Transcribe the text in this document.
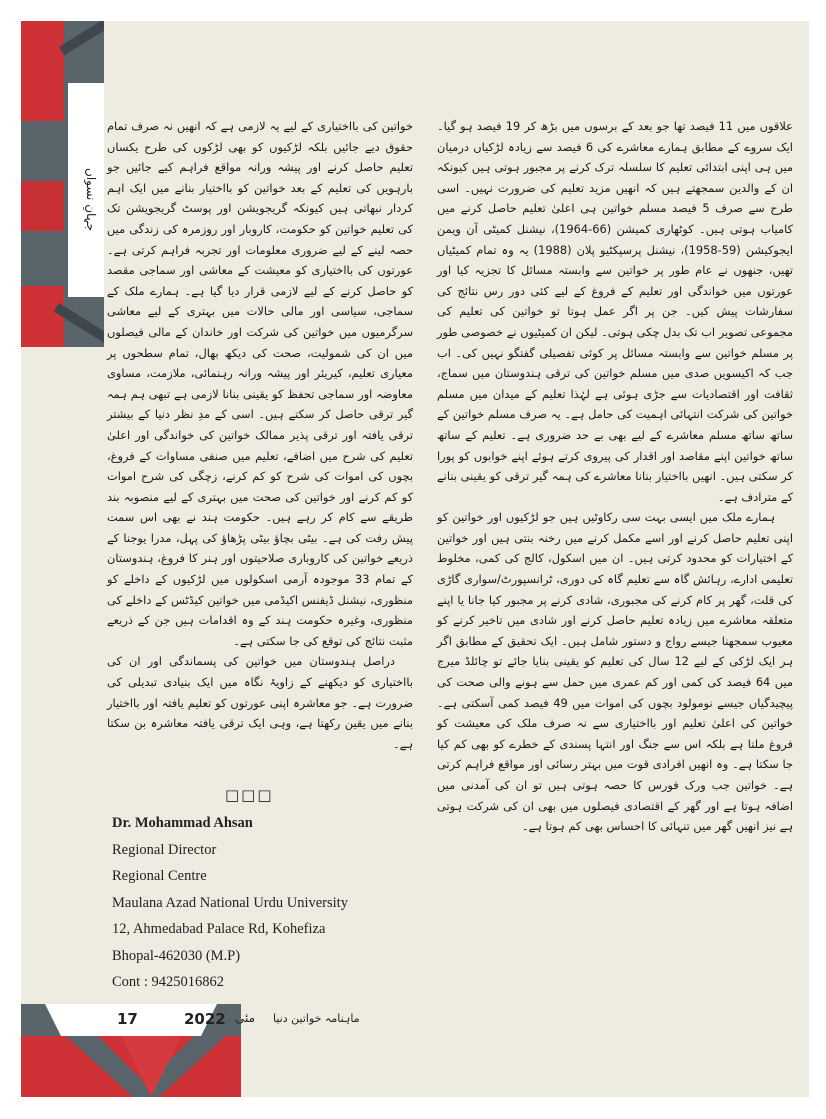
جہانِ نسواں

خواتین کی بااختیاری کے لیے یہ لازمی ہے کہ انھیں نہ صرف تمام حقوق دیے جائیں بلکہ لڑکیوں کو بھی لڑکوں کی طرح یکساں تعلیم حاصل کرنے اور پیشہ ورانہ مواقع فراہم کیے جائیں جو بارہویں کی تعلیم کے بعد خواتین کو بااختیار بنانے میں ایک اہم کردار نبھاتی ہیں کیونکہ گریجویشن اور پوسٹ گریجویشن تک کی تعلیم خواتین کو حکومت، کاروبار اور روزمرہ کی زندگی میں حصہ لینے کے لیے ضروری معلومات اور تجربہ فراہم کرتی ہے۔ عورتوں کی بااختیاری کو معیشت کے معاشی اور سماجی مقصد کو حاصل کرنے کے لیے لازمی قرار دیا گیا ہے۔ ہمارے ملک کے سماجی، سیاسی اور مالی حالات میں بہتری کے لیے معاشی سرگرمیوں میں خواتین کی شرکت اور خاندان کے مالی فیصلوں میں ان کی شمولیت، صحت کی دیکھ بھال، تمام سطحوں پر معیاری تعلیم، کیریئر اور پیشہ ورانہ رہنمائی، ملازمت، مساوی معاوضہ اور سماجی تحفظ کو یقینی بنانا لازمی ہے تبھی ہم ہمہ گیر ترقی حاصل کر سکتے ہیں۔ اسی کے مدِ نظر دنیا کے بیشتر ترقی یافتہ اور ترقی پذیر ممالک خواتین کی خواندگی اور اعلیٰ تعلیم کی شرح میں اضافے، تعلیم میں صنفی مساوات کے فروغ، بچوں کی اموات کی شرح کو کم کرنے، زچگی کی شرح اموات کو کم کرنے اور خواتین کی صحت میں بہتری کے لیے منصوبہ بند طریقے سے کام کر رہے ہیں۔ حکومت ہند نے بھی اس سمت پیش رفت کی ہے۔ بیٹی بچاؤ بیٹی پڑھاؤ کی پہل، مدرا یوجنا کے ذریعے خواتین کی کاروباری صلاحیتوں اور ہنر کا فروغ، ہندوستان کے تمام 33 موجودہ آرمی اسکولوں میں لڑکیوں کے داخلے کو منظوری، نیشنل ڈیفنس اکیڈمی میں خواتین کیڈٹس کے داخلے کی منظوری، وغیرہ حکومت ہند کے وہ اقدامات ہیں جن کے ذریعے مثبت نتائج کی توقع کی جا سکتی ہے۔

دراصل ہندوستان میں خواتین کی پسماندگی اور ان کی بااختیاری کو دیکھنے کے زاویۂ نگاہ میں ایک بنیادی تبدیلی کی ضرورت ہے۔ جو معاشرہ اپنی عورتوں کو تعلیم یافتہ اور بااختیار بنانے میں یقین رکھتا ہے، وہی ایک ترقی یافتہ معاشرہ بن سکتا ہے۔

□□□
Dr. Mohammad Ahsan
Regional Director
Regional Centre
Maulana Azad National Urdu University
12, Ahmedabad Palace Rd, Kohefiza
Bhopal-462030 (M.P)
Cont : 9425016862

علاقوں میں 11 فیصد تھا جو بعد کے برسوں میں بڑھ کر 19 فیصد ہو گیا۔ ایک سروے کے مطابق ہمارے معاشرے کی 6 فیصد سے زیادہ لڑکیاں درمیان میں ہی اپنی ابتدائی تعلیم کا سلسلہ ترک کرنے پر مجبور ہوتی ہیں کیونکہ ان کے والدین سمجھتے ہیں کہ انھیں مزید تعلیم کی ضرورت نہیں۔ اسی طرح سے صرف 5 فیصد مسلم خواتین ہی اعلیٰ تعلیم حاصل کرنے میں کامیاب ہوتی ہیں۔ کوٹھاری کمیشن (66-1964)، نیشنل کمیٹی آن ویمن ایجوکیشن (59-1958)، نیشنل پرسپکٹیو پلان (1988) یہ وہ تمام کمیٹیاں تھیں، جنھوں نے عام طور پر خواتین سے وابستہ مسائل کا تجزیہ کیا اور عورتوں میں خواندگی اور تعلیم کے فروغ کے لیے کئی دور رس نتائج کی سفارشات پیش کیں۔ جن پر اگر عمل ہوتا تو خواتین کی تعلیم کی مجموعی تصویر اب تک بدل چکی ہوتی۔ لیکن ان کمیٹیوں نے خصوصی طور پر مسلم خواتین سے وابستہ مسائل پر کوئی تفصیلی گفتگو نہیں کی۔ اب جب کہ اکیسویں صدی میں مسلم خواتین کی ترقی ہندوستان میں سماج، ثقافت اور اقتصادیات سے جڑی ہوئی ہے لہٰذا تعلیم کے میدان میں مسلم خواتین کی شرکت انتہائی اہمیت کی حامل ہے۔ یہ صرف مسلم خواتین کے ساتھ ساتھ مسلم معاشرے کے لیے بھی بے حد ضروری ہے۔ تعلیم کے ساتھ ساتھ خواتین اپنے مقاصد اور اقدار کی پیروی کرتے ہوئے اپنے خوابوں کو پورا کر سکتی ہیں۔ انھیں بااختیار بنانا معاشرے کی ہمہ گیر ترقی کو یقینی بنانے کے مترادف ہے۔

ہمارے ملک میں ایسی بہت سی رکاوٹیں ہیں جو لڑکیوں اور خواتین کو اپنی تعلیم حاصل کرنے اور اسے مکمل کرنے میں رخنہ بنتی ہیں اور خواتین کے اختیارات کو محدود کرتی ہیں۔ ان میں اسکول، کالج کی کمی، مخلوط تعلیمی ادارے، رہائش گاہ سے تعلیم گاہ کی دوری، ٹرانسپورٹ/سواری گاڑی کی قلت، گھر پر کام کرنے کی مجبوری، شادی کرنے پر مجبور کیا جانا یا اپنے متعلقہ معاشرے میں زیادہ تعلیم حاصل کرنے اور شادی میں تاخیر کرنے کو معیوب سمجھنا جیسے رواج و دستور شامل ہیں۔ ایک تحقیق کے مطابق اگر ہر ایک لڑکی کے لیے 12 سال کی تعلیم کو یقینی بنایا جائے تو چائلڈ میرج میں 64 فیصد کی کمی اور کم عمری میں حمل سے ہونے والی صحت کی پیچیدگیاں جیسے نومولود بچوں کی اموات میں 49 فیصد کمی آسکتی ہے۔ خواتین کی اعلیٰ تعلیم اور بااختیاری سے نہ صرف ملک کی معیشت کو فروغ ملتا ہے بلکہ اس سے جنگ اور انتہا پسندی کے خطرے کو بھی کم کیا جا سکتا ہے۔ وہ انھیں افرادی قوت میں بہتر رسائی اور مواقع فراہم کرتی ہے۔ خواتین جب ورک فورس کا حصہ ہوتی ہیں تو ان کی آمدنی میں اضافہ ہوتا ہے اور گھر کے اقتصادی فیصلوں میں بھی ان کی شرکت ہوتی ہے نیز انھیں گھر میں تنہائی کا احساس بھی کم ہوتا ہے۔

17	2022 مئی ماہنامہ خواتین دنیا
